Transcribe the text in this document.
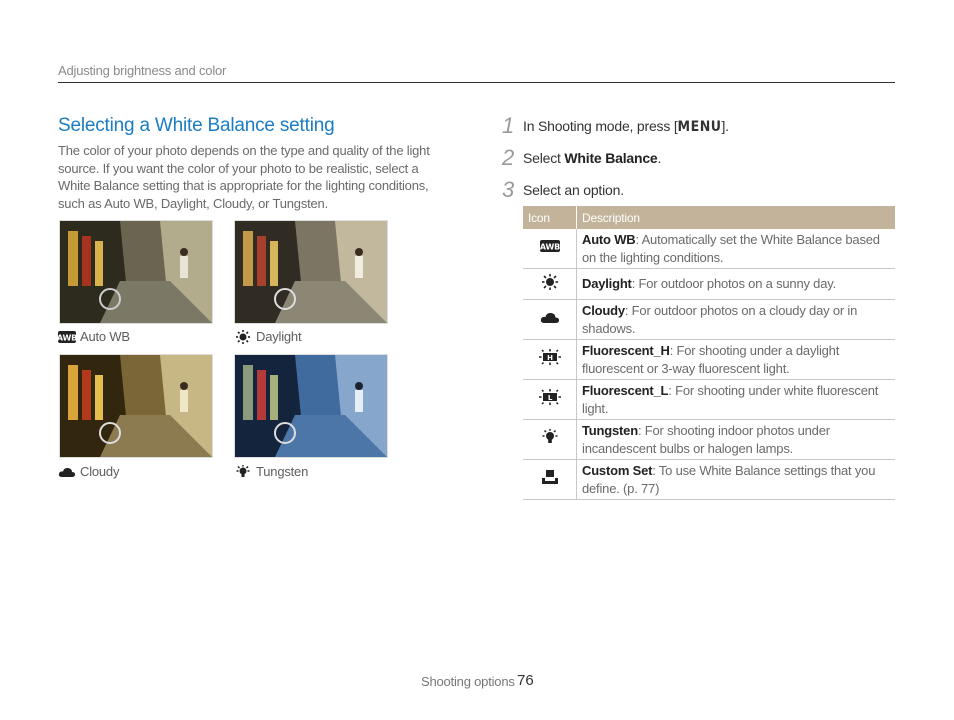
Adjusting brightness and color
Selecting a White Balance setting
The color of your photo depends on the type and quality of the light source. If you want the color of your photo to be realistic, select a White Balance setting that is appropriate for the lighting conditions, such as Auto WB, Daylight, Cloudy, or Tungsten.
AWB Auto WB	Daylight
Cloudy	Tungsten
1 In Shooting mode, press [MENU].
2 Select White Balance.
3 Select an option.
Icon	Description

AWB	Auto WB: Automatically set the White Balance based on the lighting conditions.
	Daylight: For outdoor photos on a sunny day.
	Cloudy: For outdoor photos on a cloudy day or in shadows.

H	Fluorescent_H: For shooting under a daylight fluorescent or 3-way fluorescent light.

L	Fluorescent_L: For shooting under white fluorescent light.
	Tungsten: For shooting indoor photos under incandescent bulbs or halogen lamps.
	Custom Set: To use White Balance settings that you define. (p. 77)
Shooting options 76
